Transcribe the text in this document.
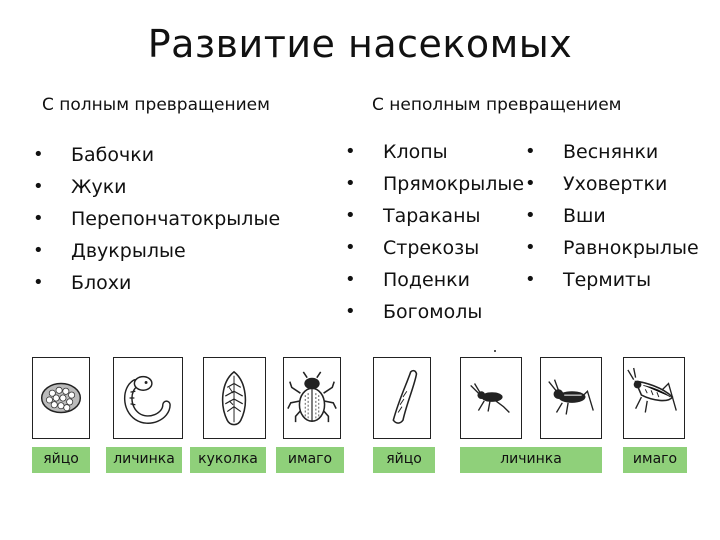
Развитие насекомых
С полным превращением	С неполным превращением
• Бабочки
• Жуки
• Перепончатокрылые
• Двукрылые
• Блохи
• Клопы
• Прямокрылые
• Тараканы
• Стрекозы
• Поденки
• Богомолы
• Веснянки
• Уховертки
• Вши
• Равнокрылые
• Термиты
яйцо	личинка	куколка	имаго	яйцо	личинка	имаго
